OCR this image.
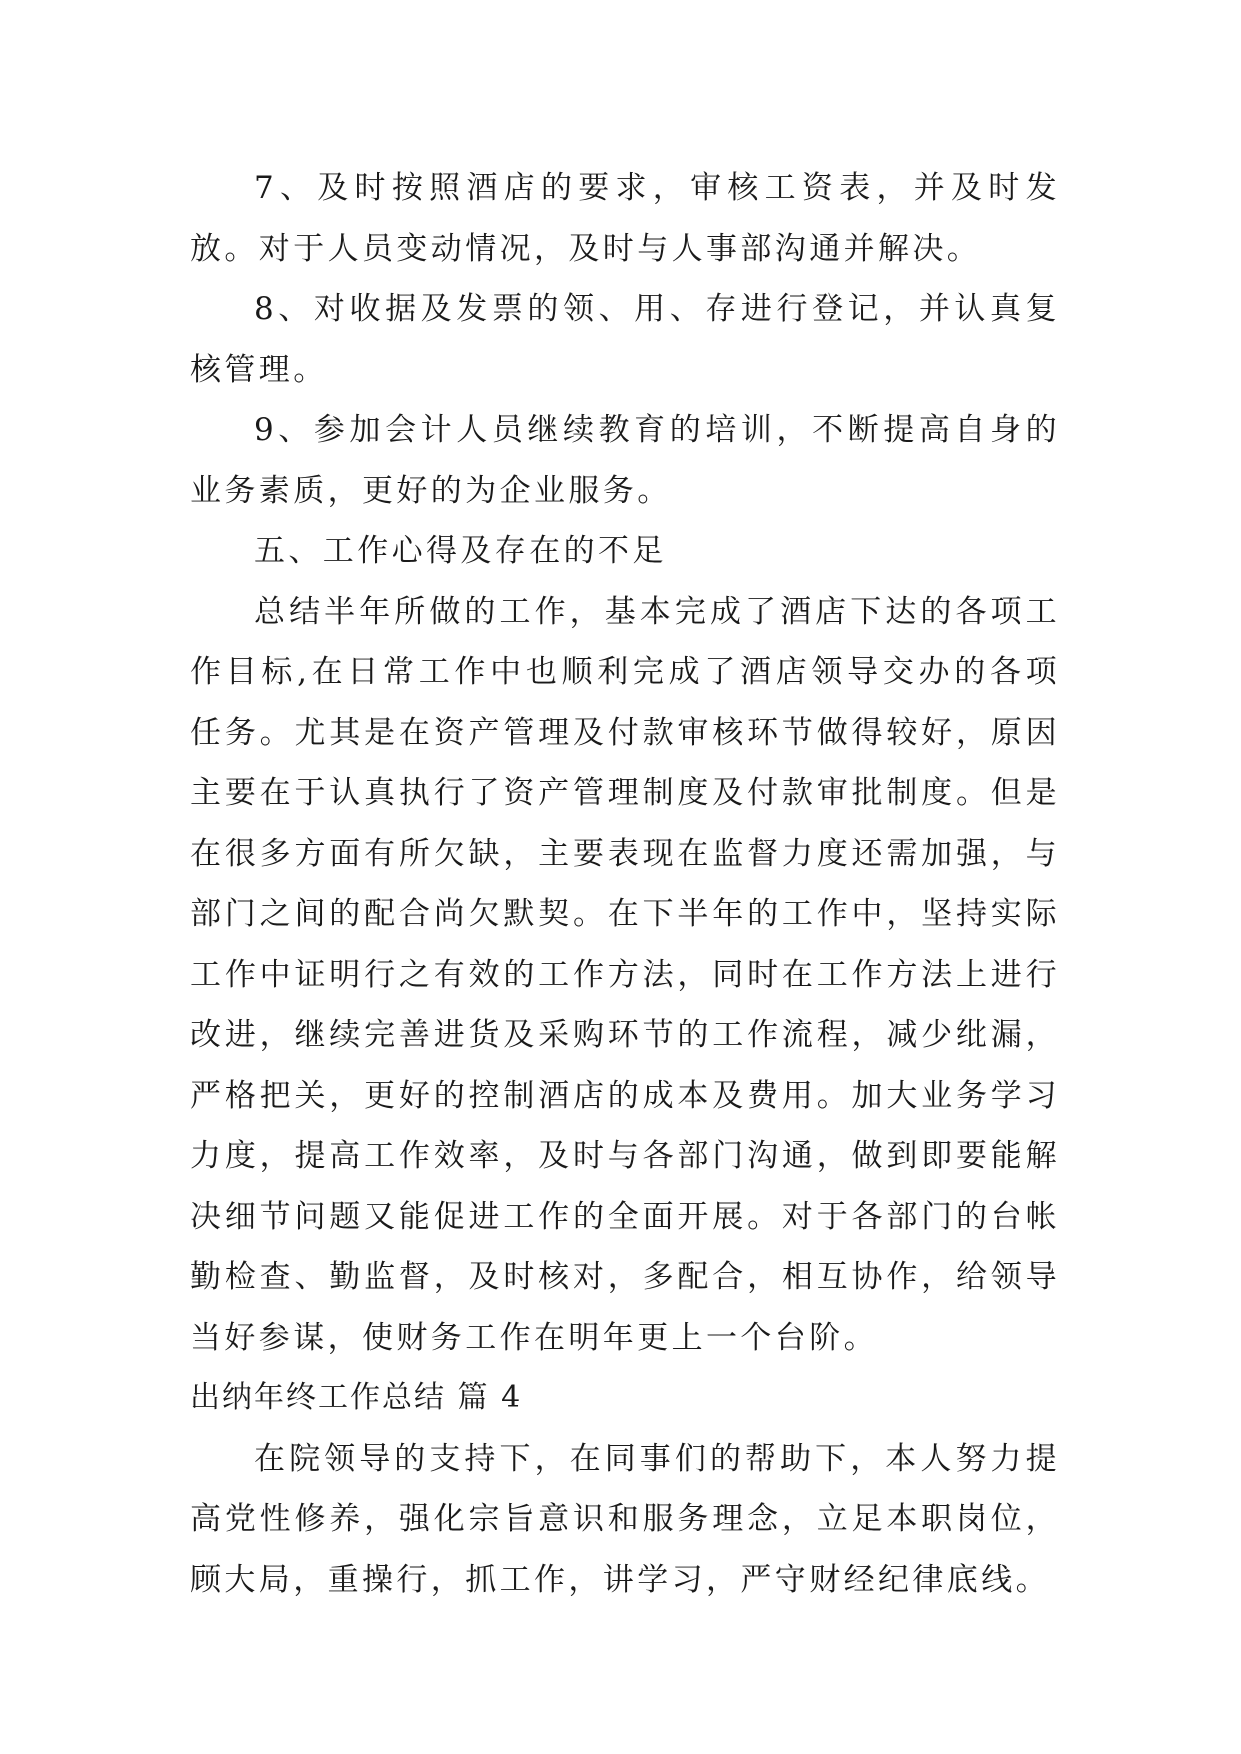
7、及时按照酒店的要求，审核工资表，并及时发放。对于人员变动情况，及时与人事部沟通并解决。

8、对收据及发票的领、用、存进行登记，并认真复核管理。

9、参加会计人员继续教育的培训，不断提高自身的业务素质，更好的为企业服务。

五、工作心得及存在的不足

总结半年所做的工作，基本完成了酒店下达的各项工作目标,在日常工作中也顺利完成了酒店领导交办的各项任务。尤其是在资产管理及付款审核环节做得较好，原因主要在于认真执行了资产管理制度及付款审批制度。但是在很多方面有所欠缺，主要表现在监督力度还需加强，与部门之间的配合尚欠默契。在下半年的工作中，坚持实际工作中证明行之有效的工作方法，同时在工作方法上进行改进，继续完善进货及采购环节的工作流程，减少纰漏，严格把关，更好的控制酒店的成本及费用。加大业务学习力度，提高工作效率，及时与各部门沟通，做到即要能解决细节问题又能促进工作的全面开展。对于各部门的台帐勤检查、勤监督，及时核对，多配合，相互协作，给领导当好参谋，使财务工作在明年更上一个台阶。

出纳年终工作总结 篇 4

在院领导的支持下，在同事们的帮助下，本人努力提高党性修养，强化宗旨意识和服务理念，立足本职岗位，顾大局，重操行，抓工作，讲学习，严守财经纪律底线。
